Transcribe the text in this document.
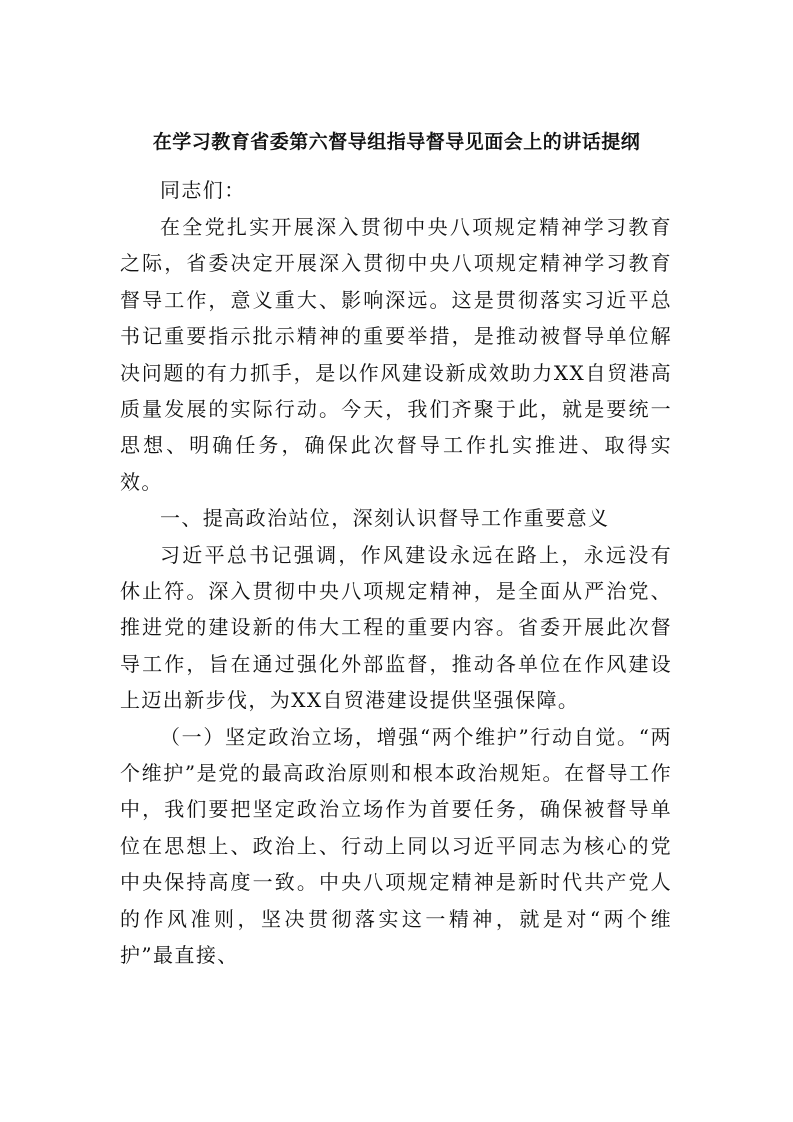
在学习教育省委第六督导组指导督导见面会上的讲话提纲

同志们：

在全党扎实开展深入贯彻中央八项规定精神学习教育之际，省委决定开展深入贯彻中央八项规定精神学习教育督导工作，意义重大、影响深远。这是贯彻落实习近平总书记重要指示批示精神的重要举措，是推动被督导单位解决问题的有力抓手，是以作风建设新成效助力XX自贸港高质量发展的实际行动。今天，我们齐聚于此，就是要统一思想、明确任务，确保此次督导工作扎实推进、取得实效。

一、提高政治站位，深刻认识督导工作重要意义

习近平总书记强调，作风建设永远在路上，永远没有休止符。深入贯彻中央八项规定精神，是全面从严治党、推进党的建设新的伟大工程的重要内容。省委开展此次督导工作，旨在通过强化外部监督，推动各单位在作风建设上迈出新步伐，为XX自贸港建设提供坚强保障。

（一）坚定政治立场，增强“两个维护”行动自觉。“两个维护”是党的最高政治原则和根本政治规矩。在督导工作中，我们要把坚定政治立场作为首要任务，确保被督导单位在思想上、政治上、行动上同以习近平同志为核心的党中央保持高度一致。中央八项规定精神是新时代共产党人的作风准则，坚决贯彻落实这一精神，就是对“两个维护”最直接、
